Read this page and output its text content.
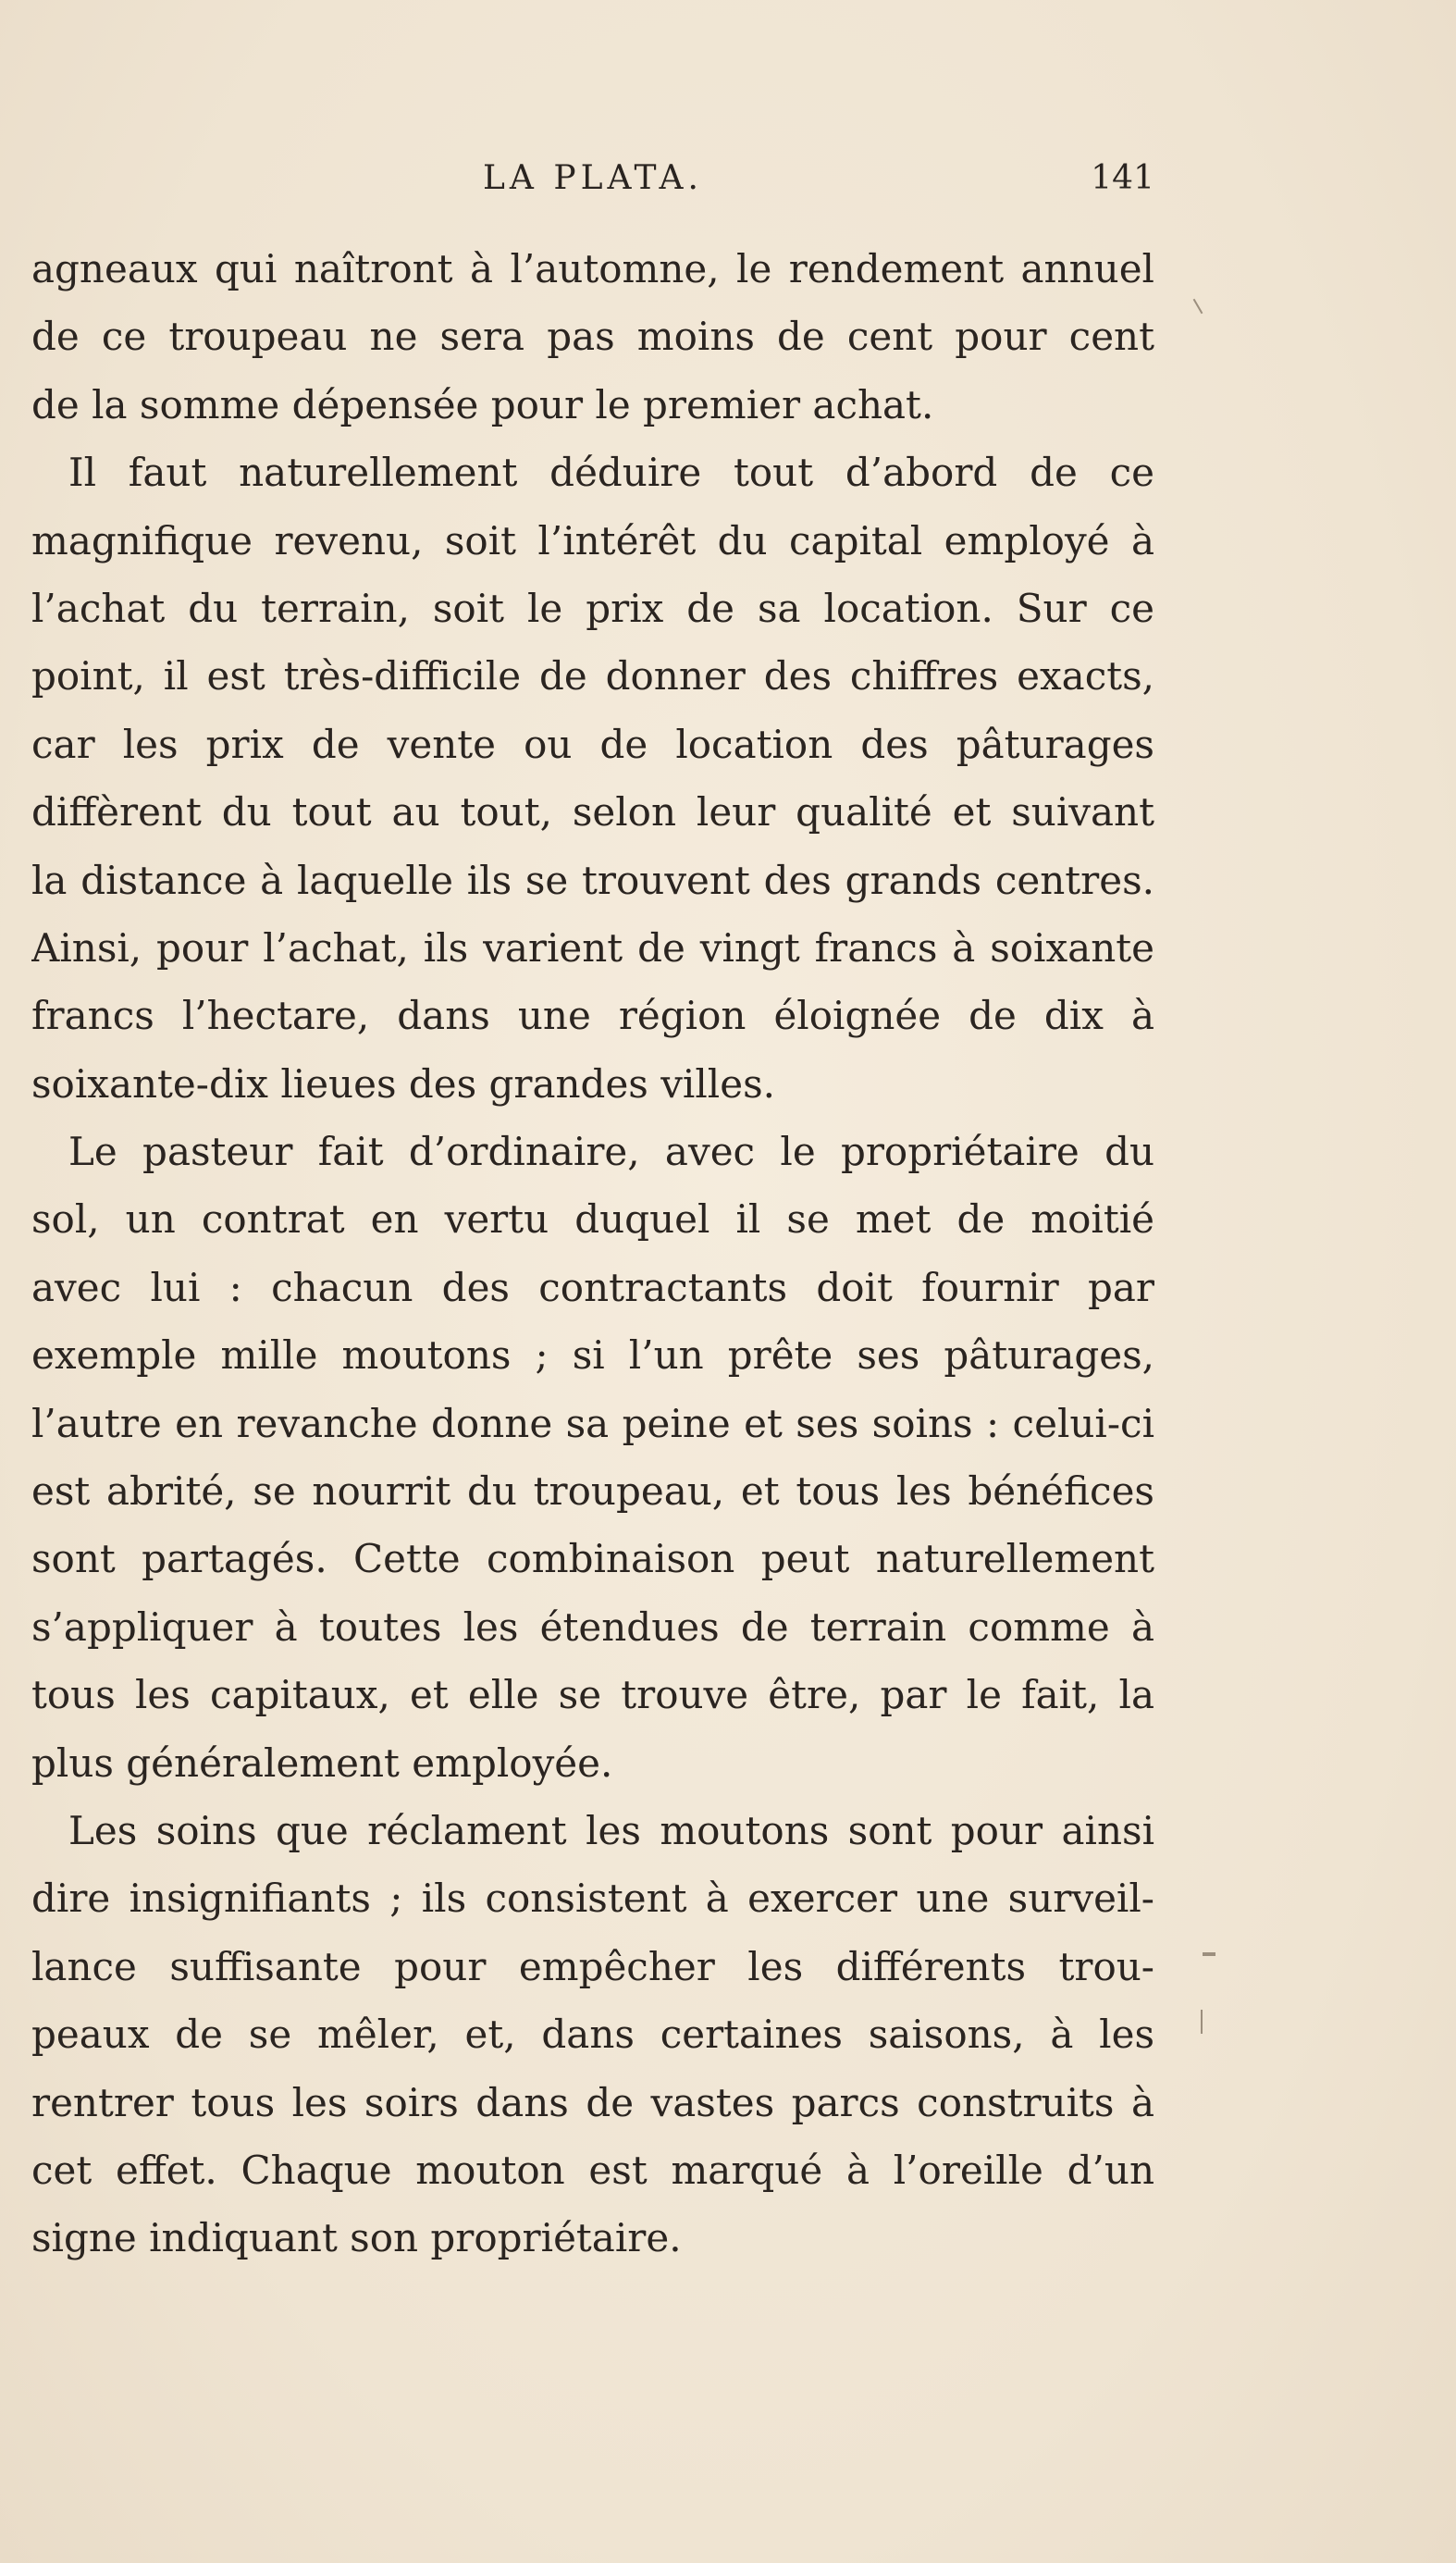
LA PLATA.	141
agneaux qui naîtront à l’automne, le rendement annuel
de ce troupeau ne sera pas moins de cent pour cent
de la somme dépensée pour le premier achat.
Il faut naturellement déduire tout d’abord de ce
magnifique revenu, soit l’intérêt du capital employé à
l’achat du terrain, soit le prix de sa location. Sur ce
point, il est très-difficile de donner des chiffres exacts,
car les prix de vente ou de location des pâturages
diffèrent du tout au tout, selon leur qualité et suivant
la distance à laquelle ils se trouvent des grands centres.
Ainsi, pour l’achat, ils varient de vingt francs à soixante
francs l’hectare, dans une région éloignée de dix à
soixante-dix lieues des grandes villes.
Le pasteur fait d’ordinaire, avec le propriétaire du
sol, un contrat en vertu duquel il se met de moitié
avec lui : chacun des contractants doit fournir par
exemple mille moutons ; si l’un prête ses pâturages,
l’autre en revanche donne sa peine et ses soins : celui-ci
est abrité, se nourrit du troupeau, et tous les bénéfices
sont partagés. Cette combinaison peut naturellement
s’appliquer à toutes les étendues de terrain comme à
tous les capitaux, et elle se trouve être, par le fait, la
plus généralement employée.
Les soins que réclament les moutons sont pour ainsi
dire insignifiants ; ils consistent à exercer une surveil-
lance suffisante pour empêcher les différents trou-
peaux de se mêler, et, dans certaines saisons, à les
rentrer tous les soirs dans de vastes parcs construits à
cet effet. Chaque mouton est marqué à l’oreille d’un
signe indiquant son propriétaire.
